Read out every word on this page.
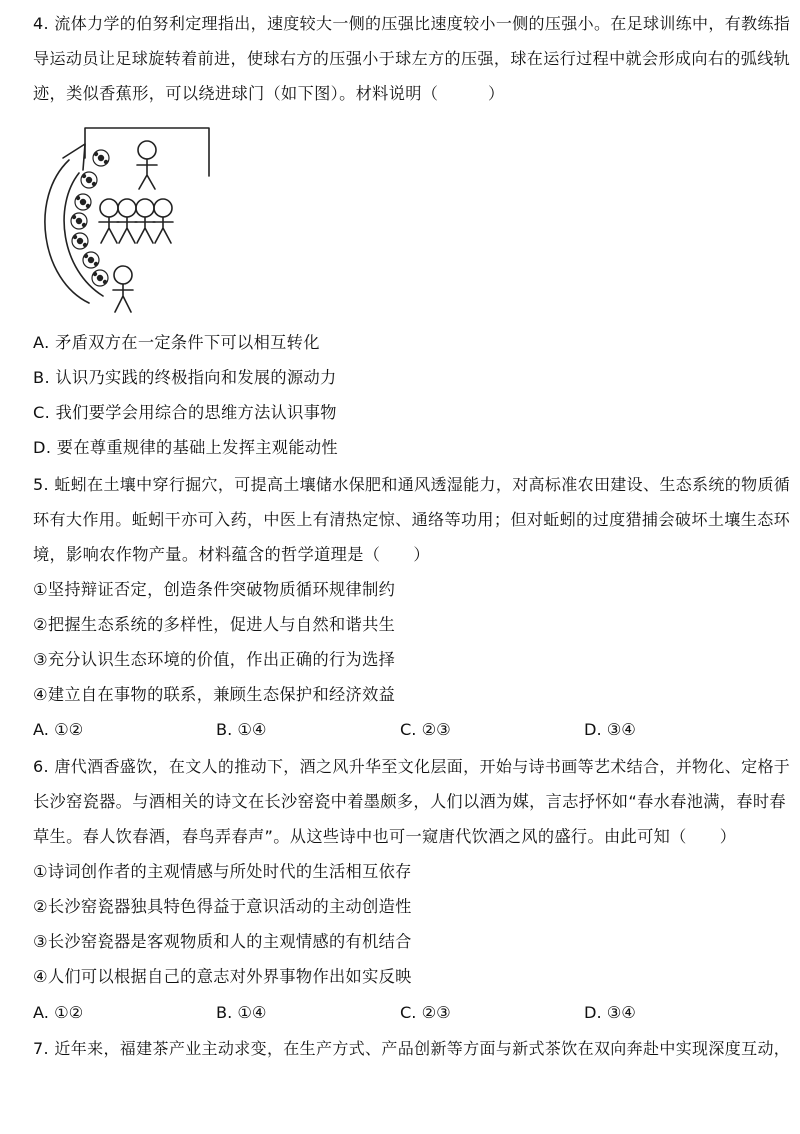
4. 流体力学的伯努利定理指出，速度较大一侧的压强比速度较小一侧的压强小。在足球训练中，有教练指
导运动员让足球旋转着前进，使球右方的压强小于球左方的压强，球在运行过程中就会形成向右的弧线轨
迹，类似香蕉形，可以绕进球门（如下图）。材料说明（　　　）
A. 矛盾双方在一定条件下可以相互转化
B. 认识乃实践的终极指向和发展的源动力
C. 我们要学会用综合的思维方法认识事物
D. 要在尊重规律的基础上发挥主观能动性
5. 蚯蚓在土壤中穿行掘穴，可提高土壤储水保肥和通风透湿能力，对高标准农田建设、生态系统的物质循
环有大作用。蚯蚓干亦可入药，中医上有清热定惊、通络等功用；但对蚯蚓的过度猎捕会破坏土壤生态环
境，影响农作物产量。材料蕴含的哲学道理是（　　）
①坚持辩证否定，创造条件突破物质循环规律制约
②把握生态系统的多样性，促进人与自然和谐共生
③充分认识生态环境的价值，作出正确的行为选择
④建立自在事物的联系，兼顾生态保护和经济效益
A. ①②	B. ①④	C. ②③	D. ③④
6. 唐代酒香盛饮，在文人的推动下，酒之风升华至文化层面，开始与诗书画等艺术结合，并物化、定格于
长沙窑瓷器。与酒相关的诗文在长沙窑瓷中着墨颇多，人们以酒为媒，言志抒怀如“春水春池满，春时春
草生。春人饮春酒，春鸟弄春声”。从这些诗中也可一窥唐代饮酒之风的盛行。由此可知（　　）
①诗词创作者的主观情感与所处时代的生活相互依存
②长沙窑瓷器独具特色得益于意识活动的主动创造性
③长沙窑瓷器是客观物质和人的主观情感的有机结合
④人们可以根据自己的意志对外界事物作出如实反映
A. ①②	B. ①④	C. ②③	D. ③④
7. 近年来，福建茶产业主动求变，在生产方式、产品创新等方面与新式茶饮在双向奔赴中实现深度互动，
